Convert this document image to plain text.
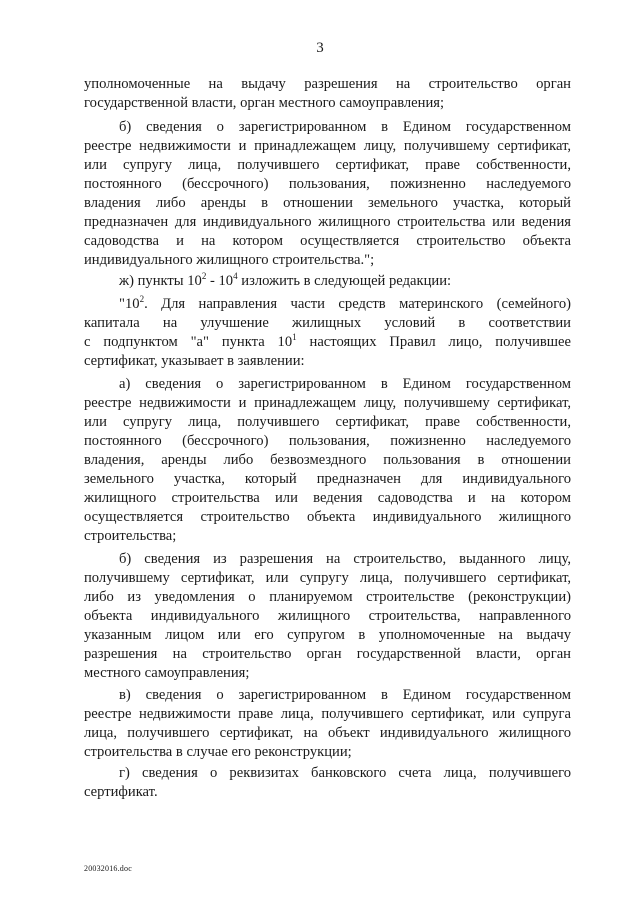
3
уполномоченные на выдачу разрешения на строительство орган
государственной власти, орган местного самоуправления;
б) сведения о зарегистрированном в Едином государственном
реестре недвижимости и принадлежащем лицу, получившему сертификат,
или супругу лица, получившего сертификат, праве собственности,
постоянного (бессрочного) пользования, пожизненно наследуемого
владения либо аренды в отношении земельного участка, который
предназначен для индивидуального жилищного строительства или ведения
садоводства и на котором осуществляется строительство объекта
индивидуального жилищного строительства.";
ж) пункты $10^2 - 10^4$ изложить в следующей редакции:
"$10^2$. Для направления части средств материнского (семейного)
капитала на улучшение жилищных условий в соответствии
с подпунктом "а" пункта $10^1$ настоящих Правил лицо, получившее
сертификат, указывает в заявлении:
а) сведения о зарегистрированном в Едином государственном
реестре недвижимости и принадлежащем лицу, получившему сертификат,
или супругу лица, получившего сертификат, праве собственности,
постоянного (бессрочного) пользования, пожизненно наследуемого
владения, аренды либо безвозмездного пользования в отношении
земельного участка, который предназначен для индивидуального
жилищного строительства или ведения садоводства и на котором
осуществляется строительство объекта индивидуального жилищного
строительства;
б) сведения из разрешения на строительство, выданного лицу,
получившему сертификат, или супругу лица, получившего сертификат,
либо из уведомления о планируемом строительстве (реконструкции)
объекта индивидуального жилищного строительства, направленного
указанным лицом или его супругом в уполномоченные на выдачу
разрешения на строительство орган государственной власти, орган
местного самоуправления;
в) сведения о зарегистрированном в Едином государственном
реестре недвижимости праве лица, получившего сертификат, или супруга
лица, получившего сертификат, на объект индивидуального жилищного
строительства в случае его реконструкции;
г) сведения о реквизитах банковского счета лица, получившего
сертификат.
20032016.doc
